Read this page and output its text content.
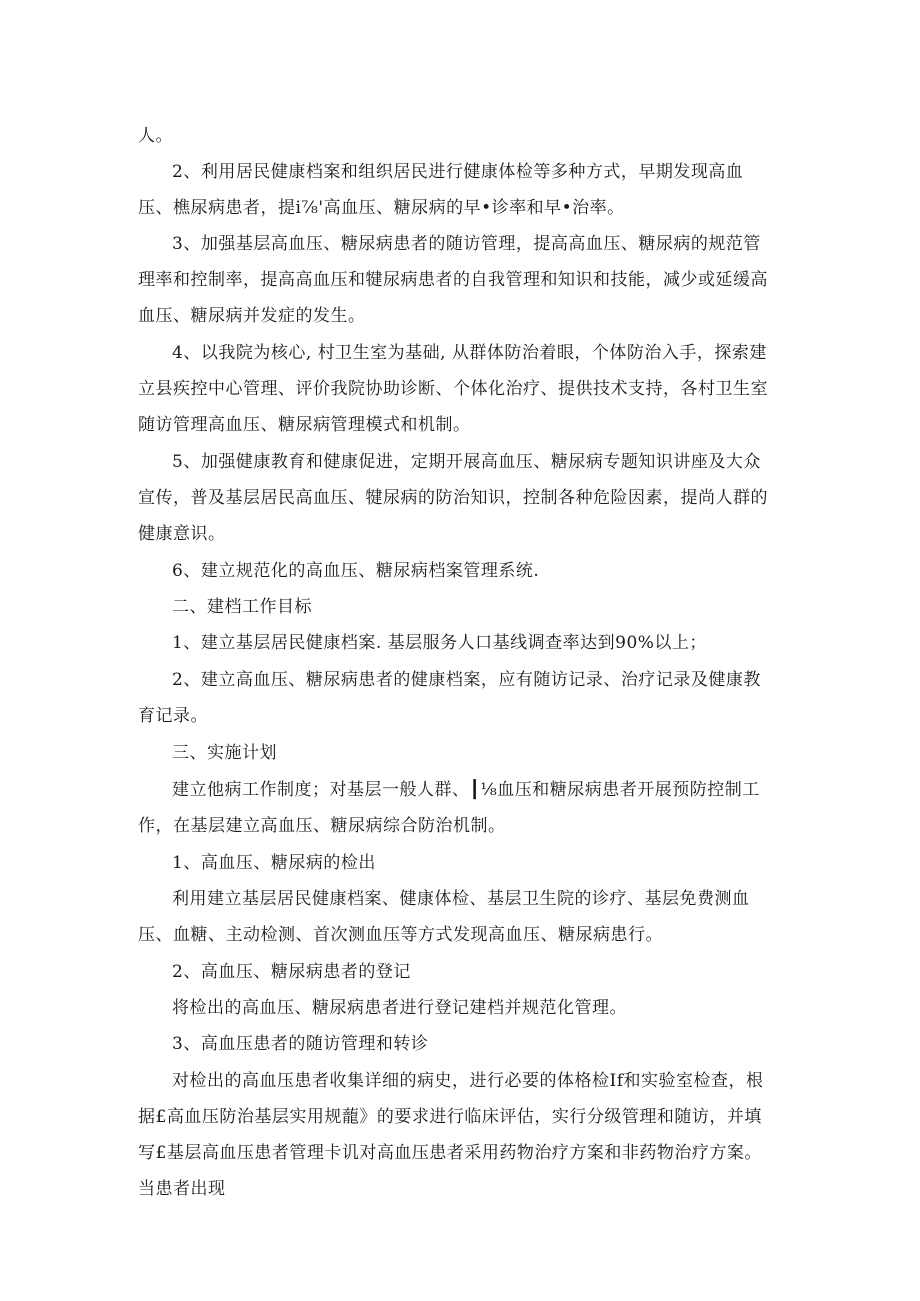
人。

2、利用居民健康档案和组织居民进行健康体检等多种方式，早期发现高血压、樵尿病患者，提i⅞'高血压、糖尿病的早•诊率和早•治率。

3、加强基层高血压、糖尿病患者的随访管理，提高高血压、糖尿病的规范管理率和控制率，提高高血压和犍尿病患者的自我管理和知识和技能，减少或延缓高血压、糖尿病并发症的发生。

4、以我院为核心, 村卫生室为基础, 从群体防治着眼，个体防治入手，探索建立县疾控中心管理、评价我院协助诊断、个体化治疗、提供技术支持，各村卫生室随访管理高血压、糖尿病管理模式和机制。

5、加强健康教育和健康促进，定期开展高血压、糖尿病专题知识讲座及大众宣传，普及基层居民高血压、犍尿病的防治知识，控制各种危险因素，提尚人群的健康意识。

6、建立规范化的高血压、糖尿病档案管理系统.

二、建档工作目标

1、建立基层居民健康档案. 基层服务人口基线调查率达到90%以上；

2、建立高血压、糖尿病患者的健康档案，应有随访记录、治疗记录及健康教育记录。

三、实施计划

建立他病工作制度；对基层一般人群、┃⅛血压和糖尿病患者开展预防控制工作，在基层建立高血压、糖尿病综合防治机制。

1、高血压、糖尿病的检出

利用建立基层居民健康档案、健康体检、基层卫生院的诊疗、基层免费测血压、血糖、主动检测、首次测血压等方式发现高血压、糖尿病患行。

2、高血压、糖尿病患者的登记

将检出的高血压、糖尿病患者进行登记建档并规范化管理。

3、高血压患者的随访管理和转诊

对检出的高血压患者收集详细的病史，进行必要的体格检If和实验室检查，根据£高血压防治基层实用规蘢》的要求进行临床评估，实行分级管理和随访，并填写£基层高血压患者管理卡讥对高血压患者采用药物治疗方案和非药物治疗方案。当患者出现
